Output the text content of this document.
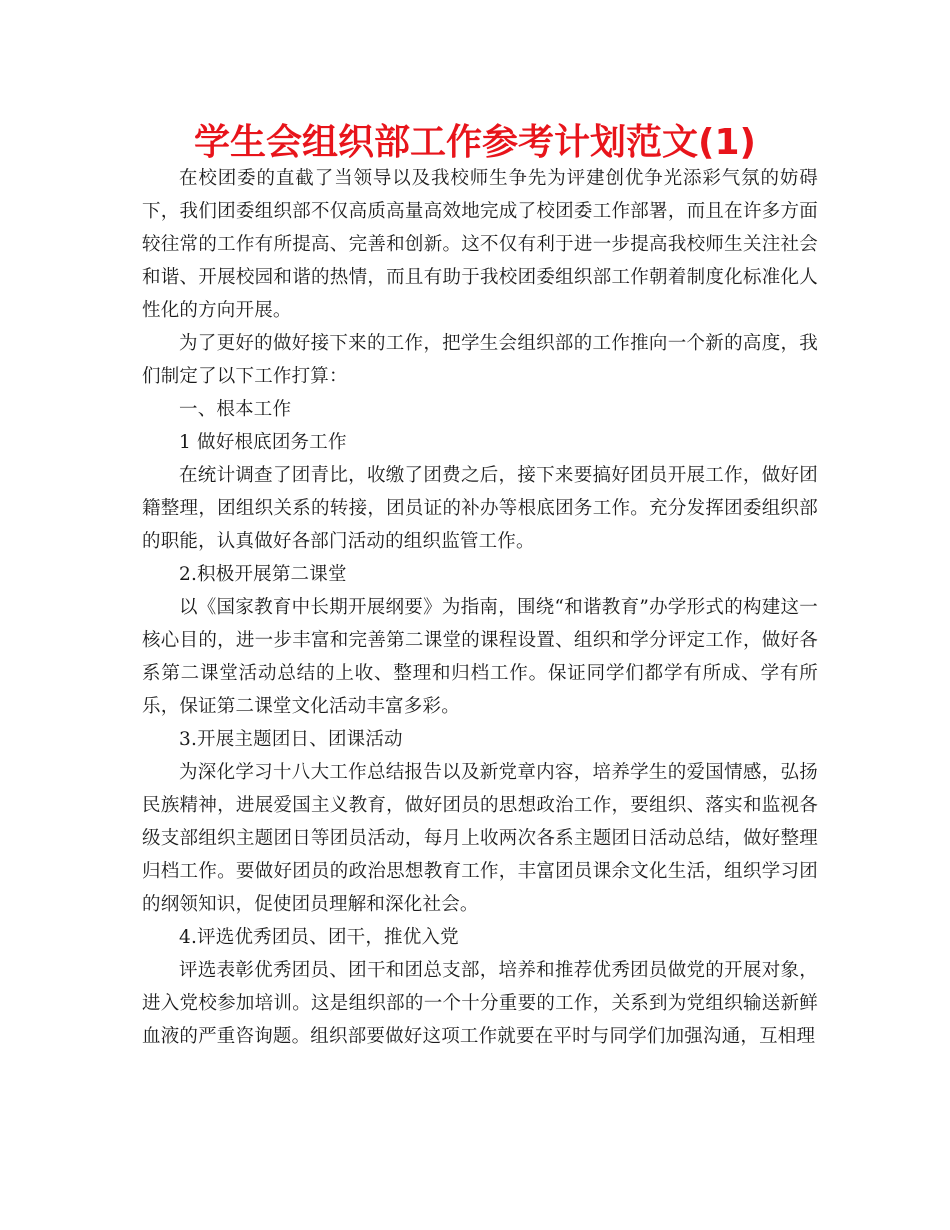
学生会组织部工作参考计划范文(1)

在校团委的直截了当领导以及我校师生争先为评建创优争光添彩气氛的妨碍下，我们团委组织部不仅高质高量高效地完成了校团委工作部署，而且在许多方面较往常的工作有所提高、完善和创新。这不仅有利于进一步提高我校师生关注社会和谐、开展校园和谐的热情，而且有助于我校团委组织部工作朝着制度化标准化人性化的方向开展。

为了更好的做好接下来的工作，把学生会组织部的工作推向一个新的高度，我们制定了以下工作打算：

一、根本工作

1 做好根底团务工作

在统计调查了团青比，收缴了团费之后，接下来要搞好团员开展工作，做好团籍整理，团组织关系的转接，团员证的补办等根底团务工作。充分发挥团委组织部的职能，认真做好各部门活动的组织监管工作。

2.积极开展第二课堂

以《国家教育中长期开展纲要》为指南，围绕“和谐教育”办学形式的构建这一核心目的，进一步丰富和完善第二课堂的课程设置、组织和学分评定工作，做好各系第二课堂活动总结的上收、整理和归档工作。保证同学们都学有所成、学有所乐，保证第二课堂文化活动丰富多彩。

3.开展主题团日、团课活动

为深化学习十八大工作总结报告以及新党章内容，培养学生的爱国情感，弘扬民族精神，进展爱国主义教育，做好团员的思想政治工作，要组织、落实和监视各级支部组织主题团日等团员活动，每月上收两次各系主题团日活动总结，做好整理归档工作。要做好团员的政治思想教育工作，丰富团员课余文化生活，组织学习团的纲领知识，促使团员理解和深化社会。

4.评选优秀团员、团干，推优入党

评选表彰优秀团员、团干和团总支部，培养和推荐优秀团员做党的开展对象，进入党校参加培训。这是组织部的一个十分重要的工作，关系到为党组织输送新鲜血液的严重咨询题。组织部要做好这项工作就要在平时与同学们加强沟通，互相理
